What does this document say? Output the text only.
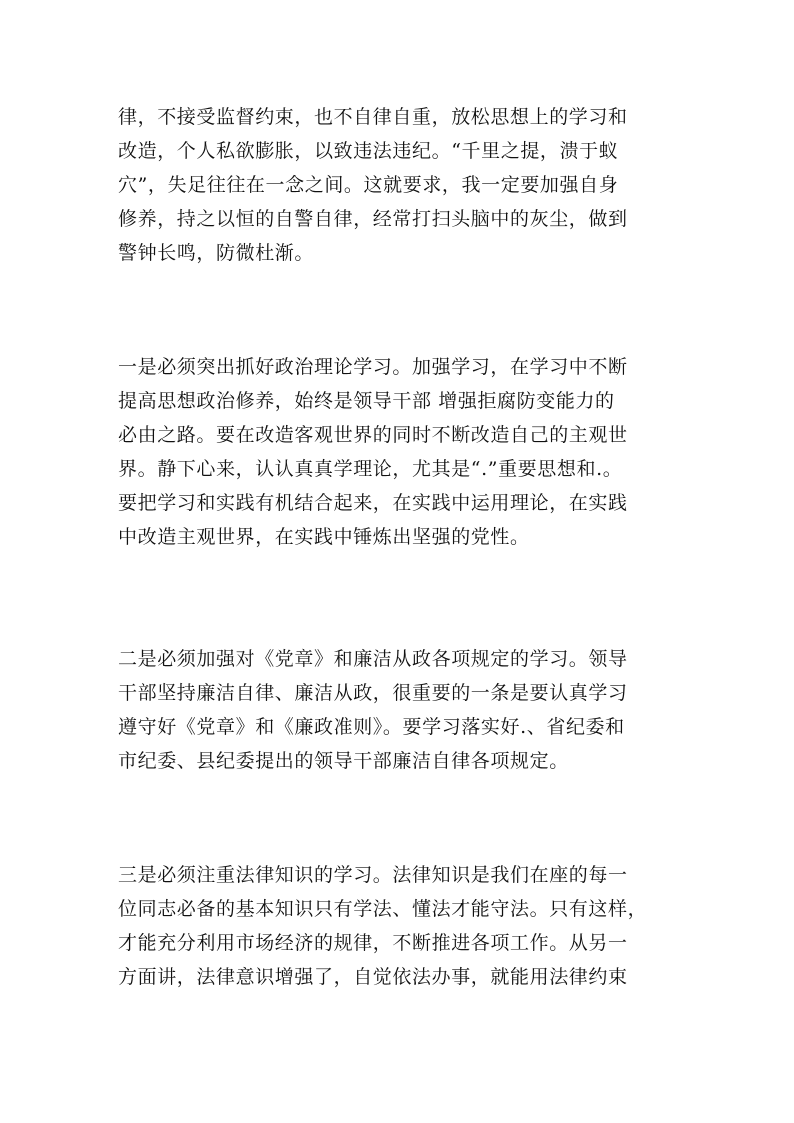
律，不接受监督约束，也不自律自重，放松思想上的学习和
改造，个人私欲膨胀，以致违法违纪。“千里之提，溃于蚁
穴”，失足往往在一念之间。这就要求，我一定要加强自身
修养，持之以恒的自警自律，经常打扫头脑中的灰尘，做到
警钟长鸣，防微杜渐。
一是必须突出抓好政治理论学习。加强学习，在学习中不断
提高思想政治修养，始终是领导干部 增强拒腐防变能力的
必由之路。要在改造客观世界的同时不断改造自己的主观世
界。静下心来，认认真真学理论，尤其是“.”重要思想和.。
要把学习和实践有机结合起来，在实践中运用理论，在实践
中改造主观世界，在实践中锤炼出坚强的党性。
二是必须加强对《党章》和廉洁从政各项规定的学习。领导
干部坚持廉洁自律、廉洁从政，很重要的一条是要认真学习
遵守好《党章》和《廉政准则》。要学习落实好.、省纪委和
市纪委、县纪委提出的领导干部廉洁自律各项规定。
三是必须注重法律知识的学习。法律知识是我们在座的每一
位同志必备的基本知识只有学法、懂法才能守法。只有这样，
才能充分利用市场经济的规律，不断推进各项工作。从另一
方面讲，法律意识增强了，自觉依法办事，就能用法律约束
